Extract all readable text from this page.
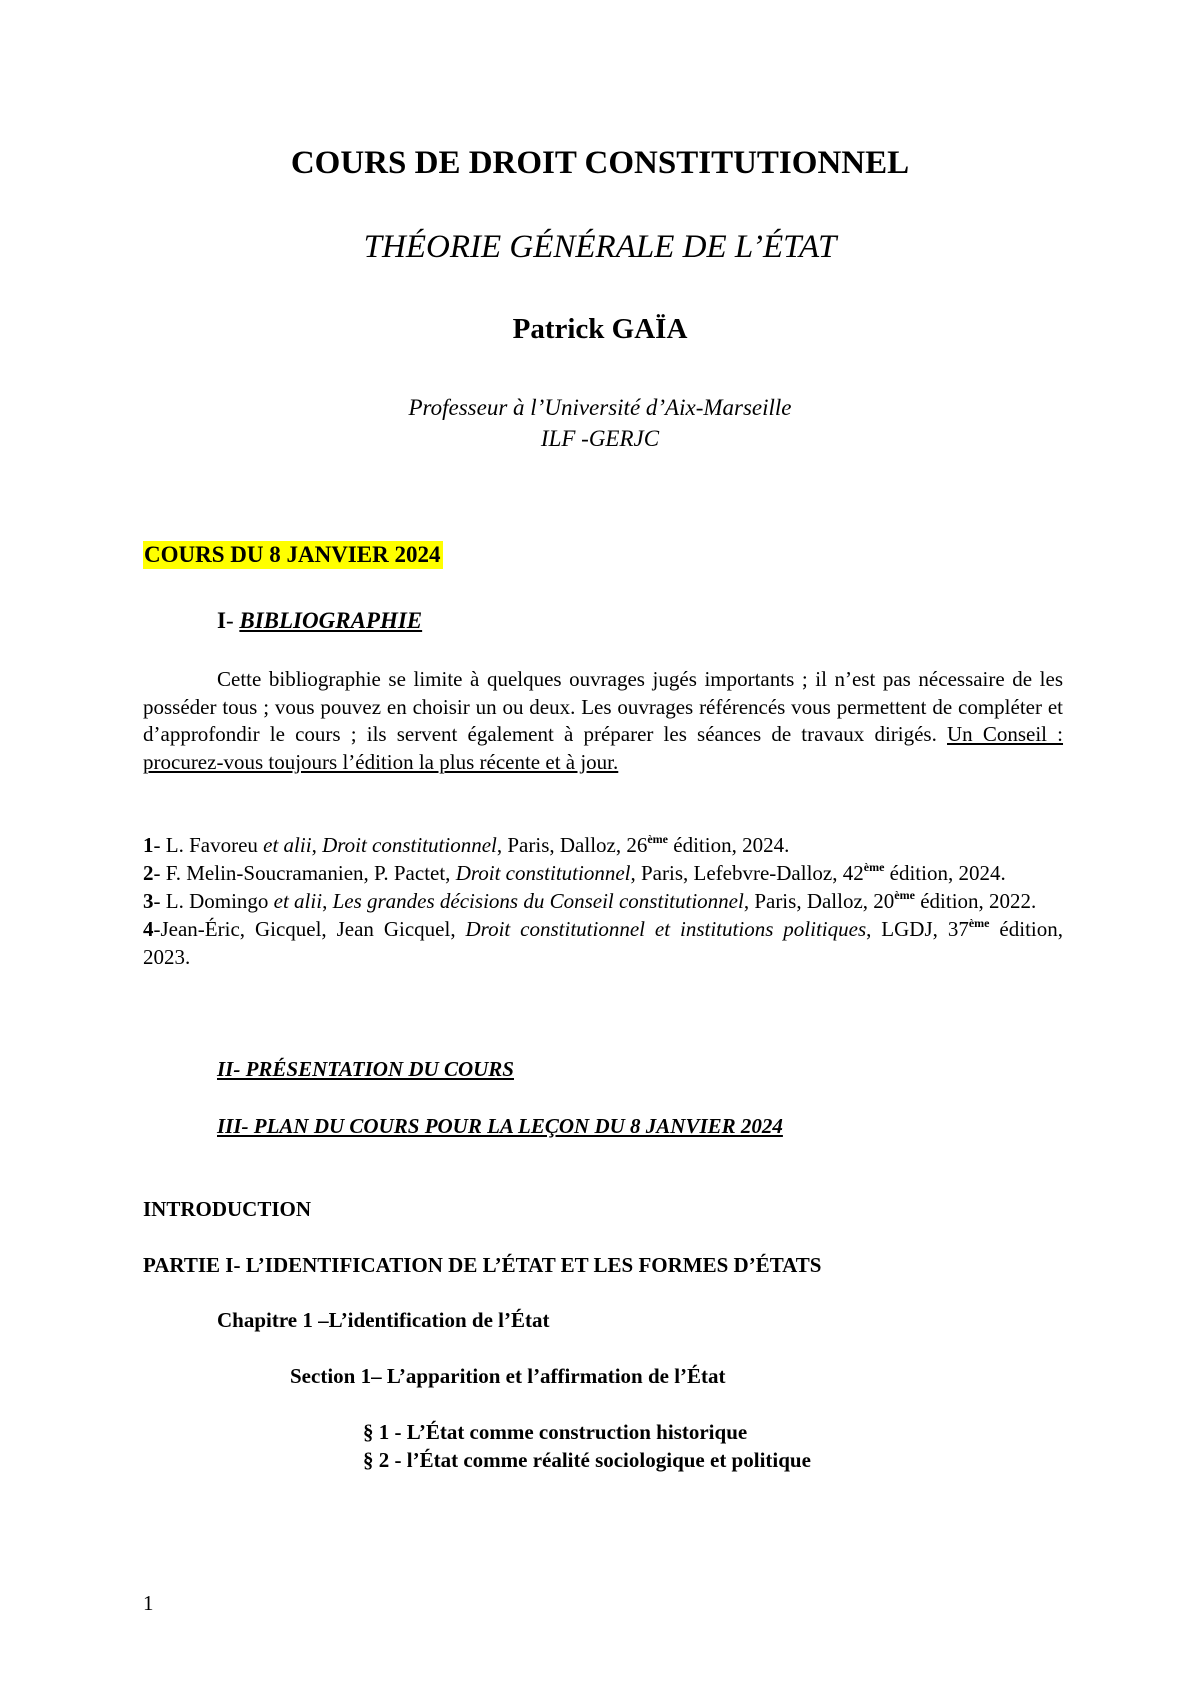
COURS DE DROIT CONSTITUTIONNEL
THÉORIE GÉNÉRALE DE L’ÉTAT
Patrick GAÏA
Professeur à l’Université d’Aix-Marseille
ILF -GERJC
COURS DU 8 JANVIER 2024
I- BIBLIOGRAPHIE
Cette bibliographie se limite à quelques ouvrages jugés importants ; il n’est pas nécessaire de les posséder tous ; vous pouvez en choisir un ou deux. Les ouvrages référencés vous permettent de compléter et d’approfondir le cours ; ils servent également à préparer les séances de travaux dirigés. Un Conseil : procurez-vous toujours l’édition la plus récente et à jour.

1- L. Favoreu et alii, Droit constitutionnel, Paris, Dalloz, 26ème édition, 2024.

2- F. Melin-Soucramanien, P. Pactet, Droit constitutionnel, Paris, Lefebvre-Dalloz, 42ème édition, 2024.

3- L. Domingo et alii, Les grandes décisions du Conseil constitutionnel, Paris, Dalloz, 20ème édition, 2022.

4-Jean-Éric, Gicquel, Jean Gicquel, Droit constitutionnel et institutions politiques, LGDJ, 37ème édition, 2023.

II- PRÉSENTATION DU COURS
III- PLAN DU COURS POUR LA LEÇON DU 8 JANVIER 2024
INTRODUCTION
PARTIE I- L’IDENTIFICATION DE L’ÉTAT ET LES FORMES D’ÉTATS
Chapitre 1 –L’identification de l’État
Section 1– L’apparition et l’affirmation de l’État
§ 1 - L’État comme construction historique
§ 2 - l’État comme réalité sociologique et politique
1
